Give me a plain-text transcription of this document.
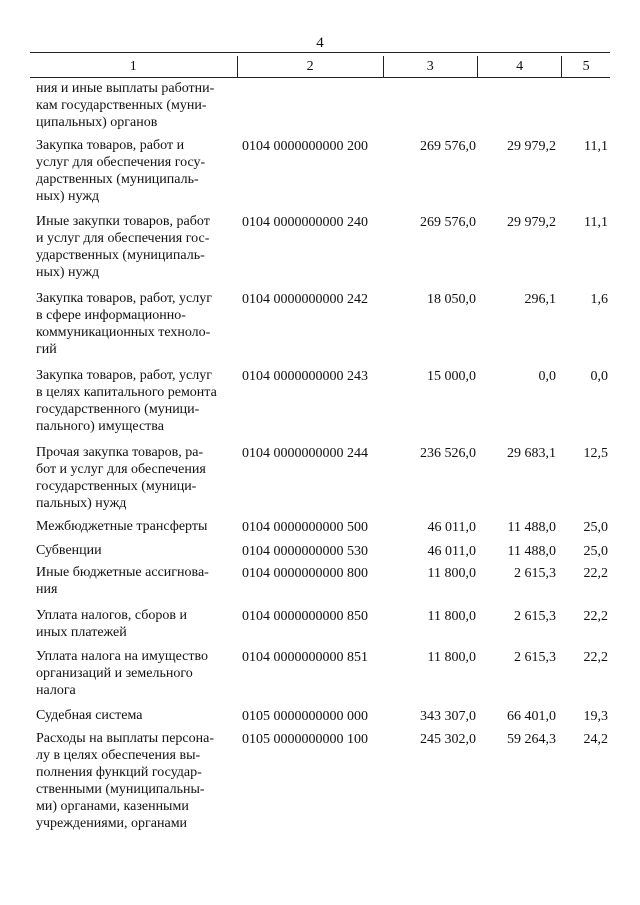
4
1	2	3	4	5
ния и иные выплаты работни-
кам государственных (муни-
ципальных) органов
Закупка товаров, работ и
услуг для обеспечения госу-
дарственных (муниципаль-
ных) нужд
0104 0000000000 200	269 576,0	29 979,2	11,1
Иные закупки товаров, работ
и услуг для обеспечения гос-
ударственных (муниципаль-
ных) нужд
0104 0000000000 240	269 576,0	29 979,2	11,1
Закупка товаров, работ, услуг
в сфере информационно-
коммуникационных техноло-
гий
0104 0000000000 242	18 050,0	296,1	1,6
Закупка товаров, работ, услуг
в целях капитального ремонта
государственного (муници-
пального) имущества
0104 0000000000 243	15 000,0	0,0	0,0
Прочая закупка товаров, ра-
бот и услуг для обеспечения
государственных (муници-
пальных) нужд
0104 0000000000 244	236 526,0	29 683,1	12,5
Межбюджетные трансферты	0104 0000000000 500	46 011,0	11 488,0	25,0
Субвенции	0104 0000000000 530	46 011,0	11 488,0	25,0
Иные бюджетные ассигнова-
ния
0104 0000000000 800	11 800,0	2 615,3	22,2
Уплата налогов, сборов и
иных платежей
0104 0000000000 850	11 800,0	2 615,3	22,2
Уплата налога на имущество
организаций и земельного
налога
0104 0000000000 851	11 800,0	2 615,3	22,2
Судебная система	0105 0000000000 000	343 307,0	66 401,0	19,3
Расходы на выплаты персона-
лу в целях обеспечения вы-
полнения функций государ-
ственными (муниципальны-
ми) органами, казенными
учреждениями, органами
0105 0000000000 100	245 302,0	59 264,3	24,2
